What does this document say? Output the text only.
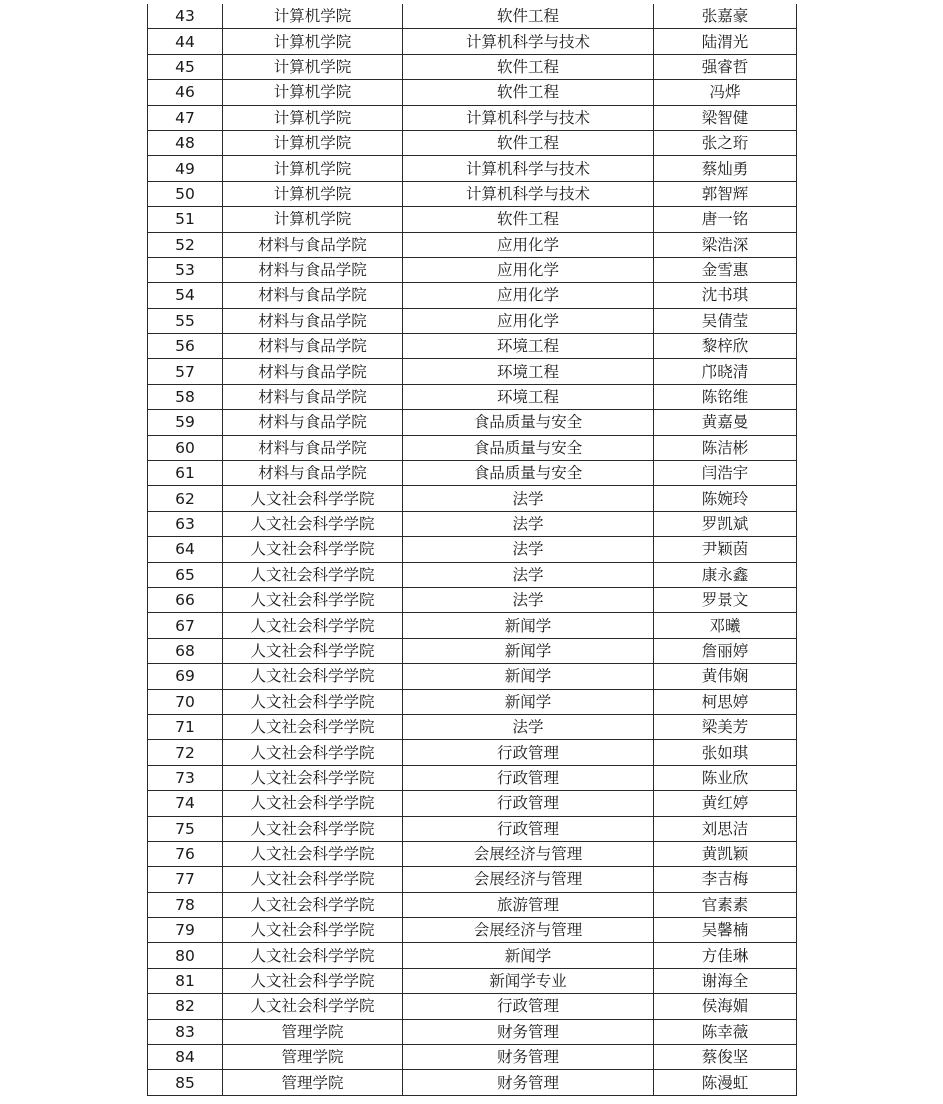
43	计算机学院	软件工程	张嘉豪
44	计算机学院	计算机科学与技术	陆渭光
45	计算机学院	软件工程	强睿哲
46	计算机学院	软件工程	冯烨
47	计算机学院	计算机科学与技术	梁智健
48	计算机学院	软件工程	张之珩
49	计算机学院	计算机科学与技术	蔡灿勇
50	计算机学院	计算机科学与技术	郭智辉
51	计算机学院	软件工程	唐一铭
52	材料与食品学院	应用化学	梁浩深
53	材料与食品学院	应用化学	金雪惠
54	材料与食品学院	应用化学	沈书琪
55	材料与食品学院	应用化学	吴倩莹
56	材料与食品学院	环境工程	黎梓欣
57	材料与食品学院	环境工程	邝晓清
58	材料与食品学院	环境工程	陈铭维
59	材料与食品学院	食品质量与安全	黄嘉曼
60	材料与食品学院	食品质量与安全	陈洁彬
61	材料与食品学院	食品质量与安全	闫浩宇
62	人文社会科学学院	法学	陈婉玲
63	人文社会科学学院	法学	罗凯斌
64	人文社会科学学院	法学	尹颖茵
65	人文社会科学学院	法学	康永鑫
66	人文社会科学学院	法学	罗景文
67	人文社会科学学院	新闻学	邓曦
68	人文社会科学学院	新闻学	詹丽婷
69	人文社会科学学院	新闻学	黄伟娴
70	人文社会科学学院	新闻学	柯思婷
71	人文社会科学学院	法学	梁美芳
72	人文社会科学学院	行政管理	张如琪
73	人文社会科学学院	行政管理	陈业欣
74	人文社会科学学院	行政管理	黄红婷
75	人文社会科学学院	行政管理	刘思洁
76	人文社会科学学院	会展经济与管理	黄凯颖
77	人文社会科学学院	会展经济与管理	李吉梅
78	人文社会科学学院	旅游管理	官素素
79	人文社会科学学院	会展经济与管理	吴馨楠
80	人文社会科学学院	新闻学	方佳琳
81	人文社会科学学院	新闻学专业	谢海全
82	人文社会科学学院	行政管理	侯海媚
83	管理学院	财务管理	陈幸薇
84	管理学院	财务管理	蔡俊坚
85	管理学院	财务管理	陈漫虹
